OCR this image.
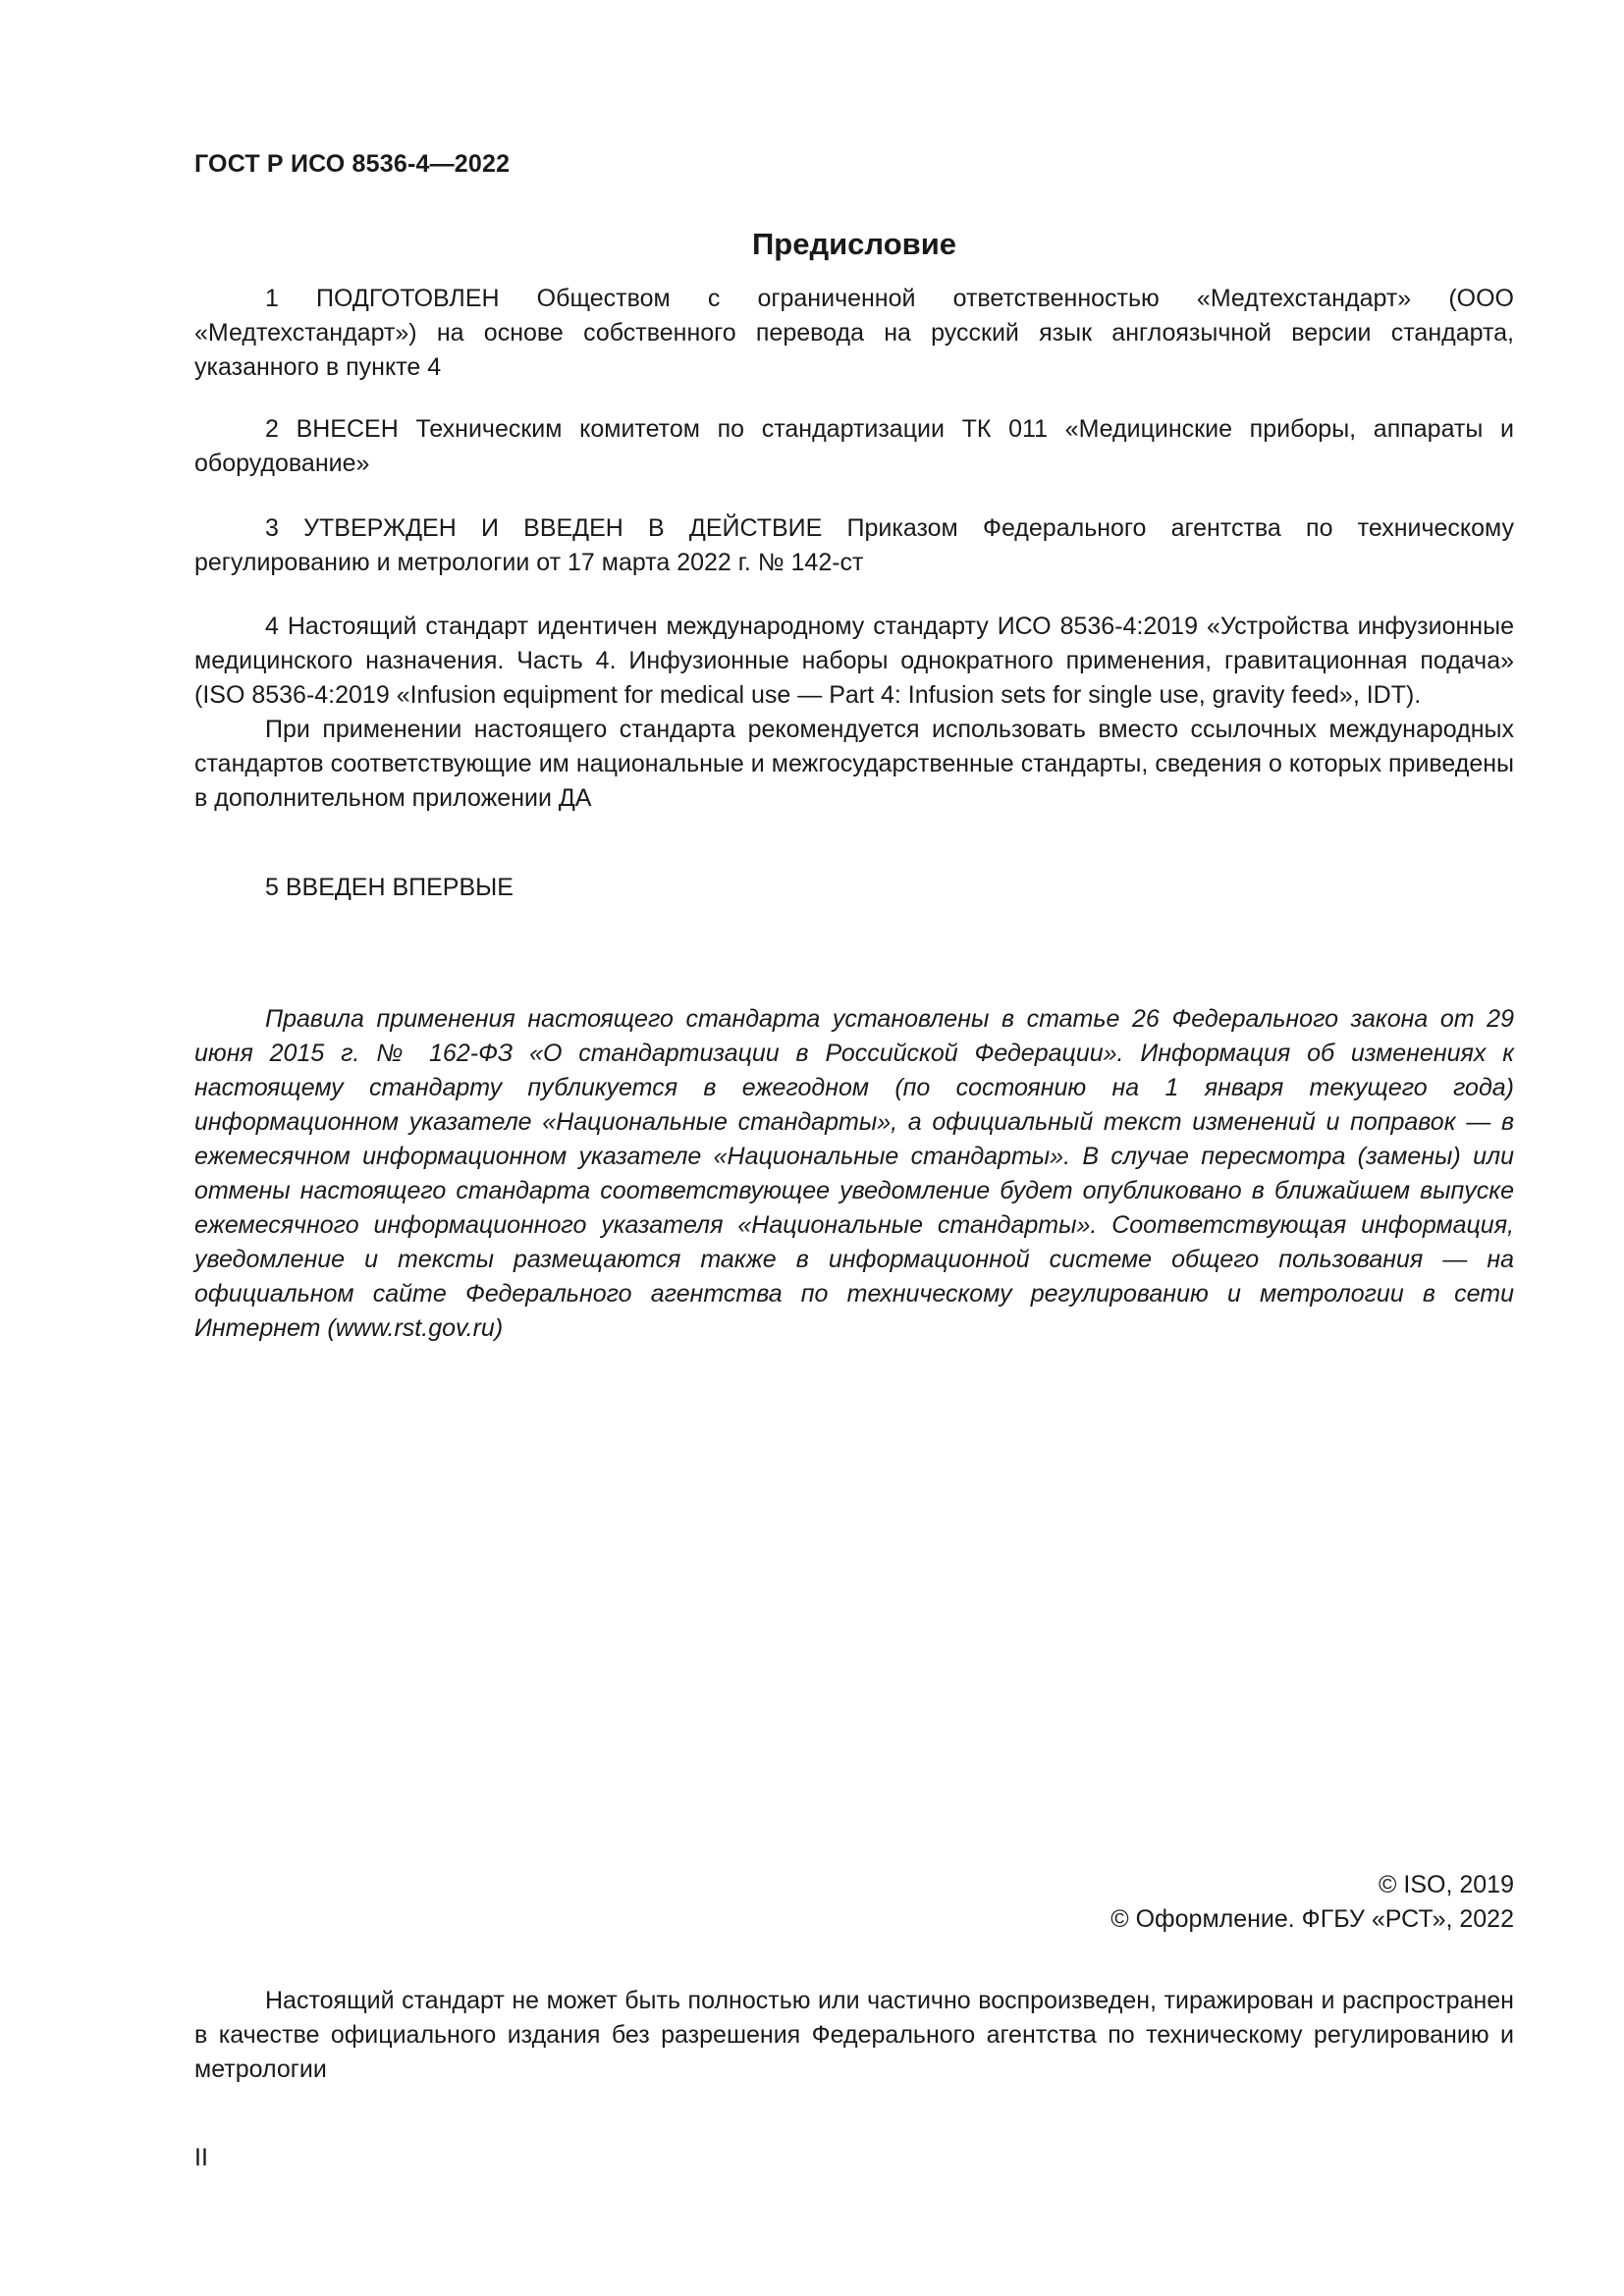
ГОСТ Р ИСО 8536-4—2022
Предисловие

1 ПОДГОТОВЛЕН Обществом с ограниченной ответственностью «Медтехстандарт» (ООО «Медтехстандарт») на основе собственного перевода на русский язык англоязычной версии стандарта, указанного в пункте 4

2 ВНЕСЕН Техническим комитетом по стандартизации ТК 011 «Медицинские приборы, аппараты и оборудование»

3 УТВЕРЖДЕН И ВВЕДЕН В ДЕЙСТВИЕ Приказом Федерального агентства по техническому регулированию и метрологии от 17 марта 2022 г. № 142-ст

4 Настоящий стандарт идентичен международному стандарту ИСО 8536-4:2019 «Устройства инфузионные медицинского назначения. Часть 4. Инфузионные наборы однократного применения, гравитационная подача» (ISO 8536-4:2019 «Infusion equipment for medical use — Part 4: Infusion sets for single use, gravity feed», IDT).

При применении настоящего стандарта рекомендуется использовать вместо ссылочных международных стандартов соответствующие им национальные и межгосударственные стандарты, сведения о которых приведены в дополнительном приложении ДА

5 ВВЕДЕН ВПЕРВЫЕ

Правила применения настоящего стандарта установлены в статье 26 Федерального закона от 29 июня 2015 г. № 162-ФЗ «О стандартизации в Российской Федерации». Информация об изменениях к настоящему стандарту публикуется в ежегодном (по состоянию на 1 января текущего года) информационном указателе «Национальные стандарты», а официальный текст изменений и поправок — в ежемесячном информационном указателе «Национальные стандарты». В случае пересмотра (замены) или отмены настоящего стандарта соответствующее уведомление будет опубликовано в ближайшем выпуске ежемесячного информационного указателя «Национальные стандарты». Соответствующая информация, уведомление и тексты размещаются также в информационной системе общего пользования — на официальном сайте Федерального агентства по техническому регулированию и метрологии в сети Интернет (www.rst.gov.ru)

© ISO, 2019
© Оформление. ФГБУ «РСТ», 2022

Настоящий стандарт не может быть полностью или частично воспроизведен, тиражирован и распространен в качестве официального издания без разрешения Федерального агентства по техническому регулированию и метрологии

II
